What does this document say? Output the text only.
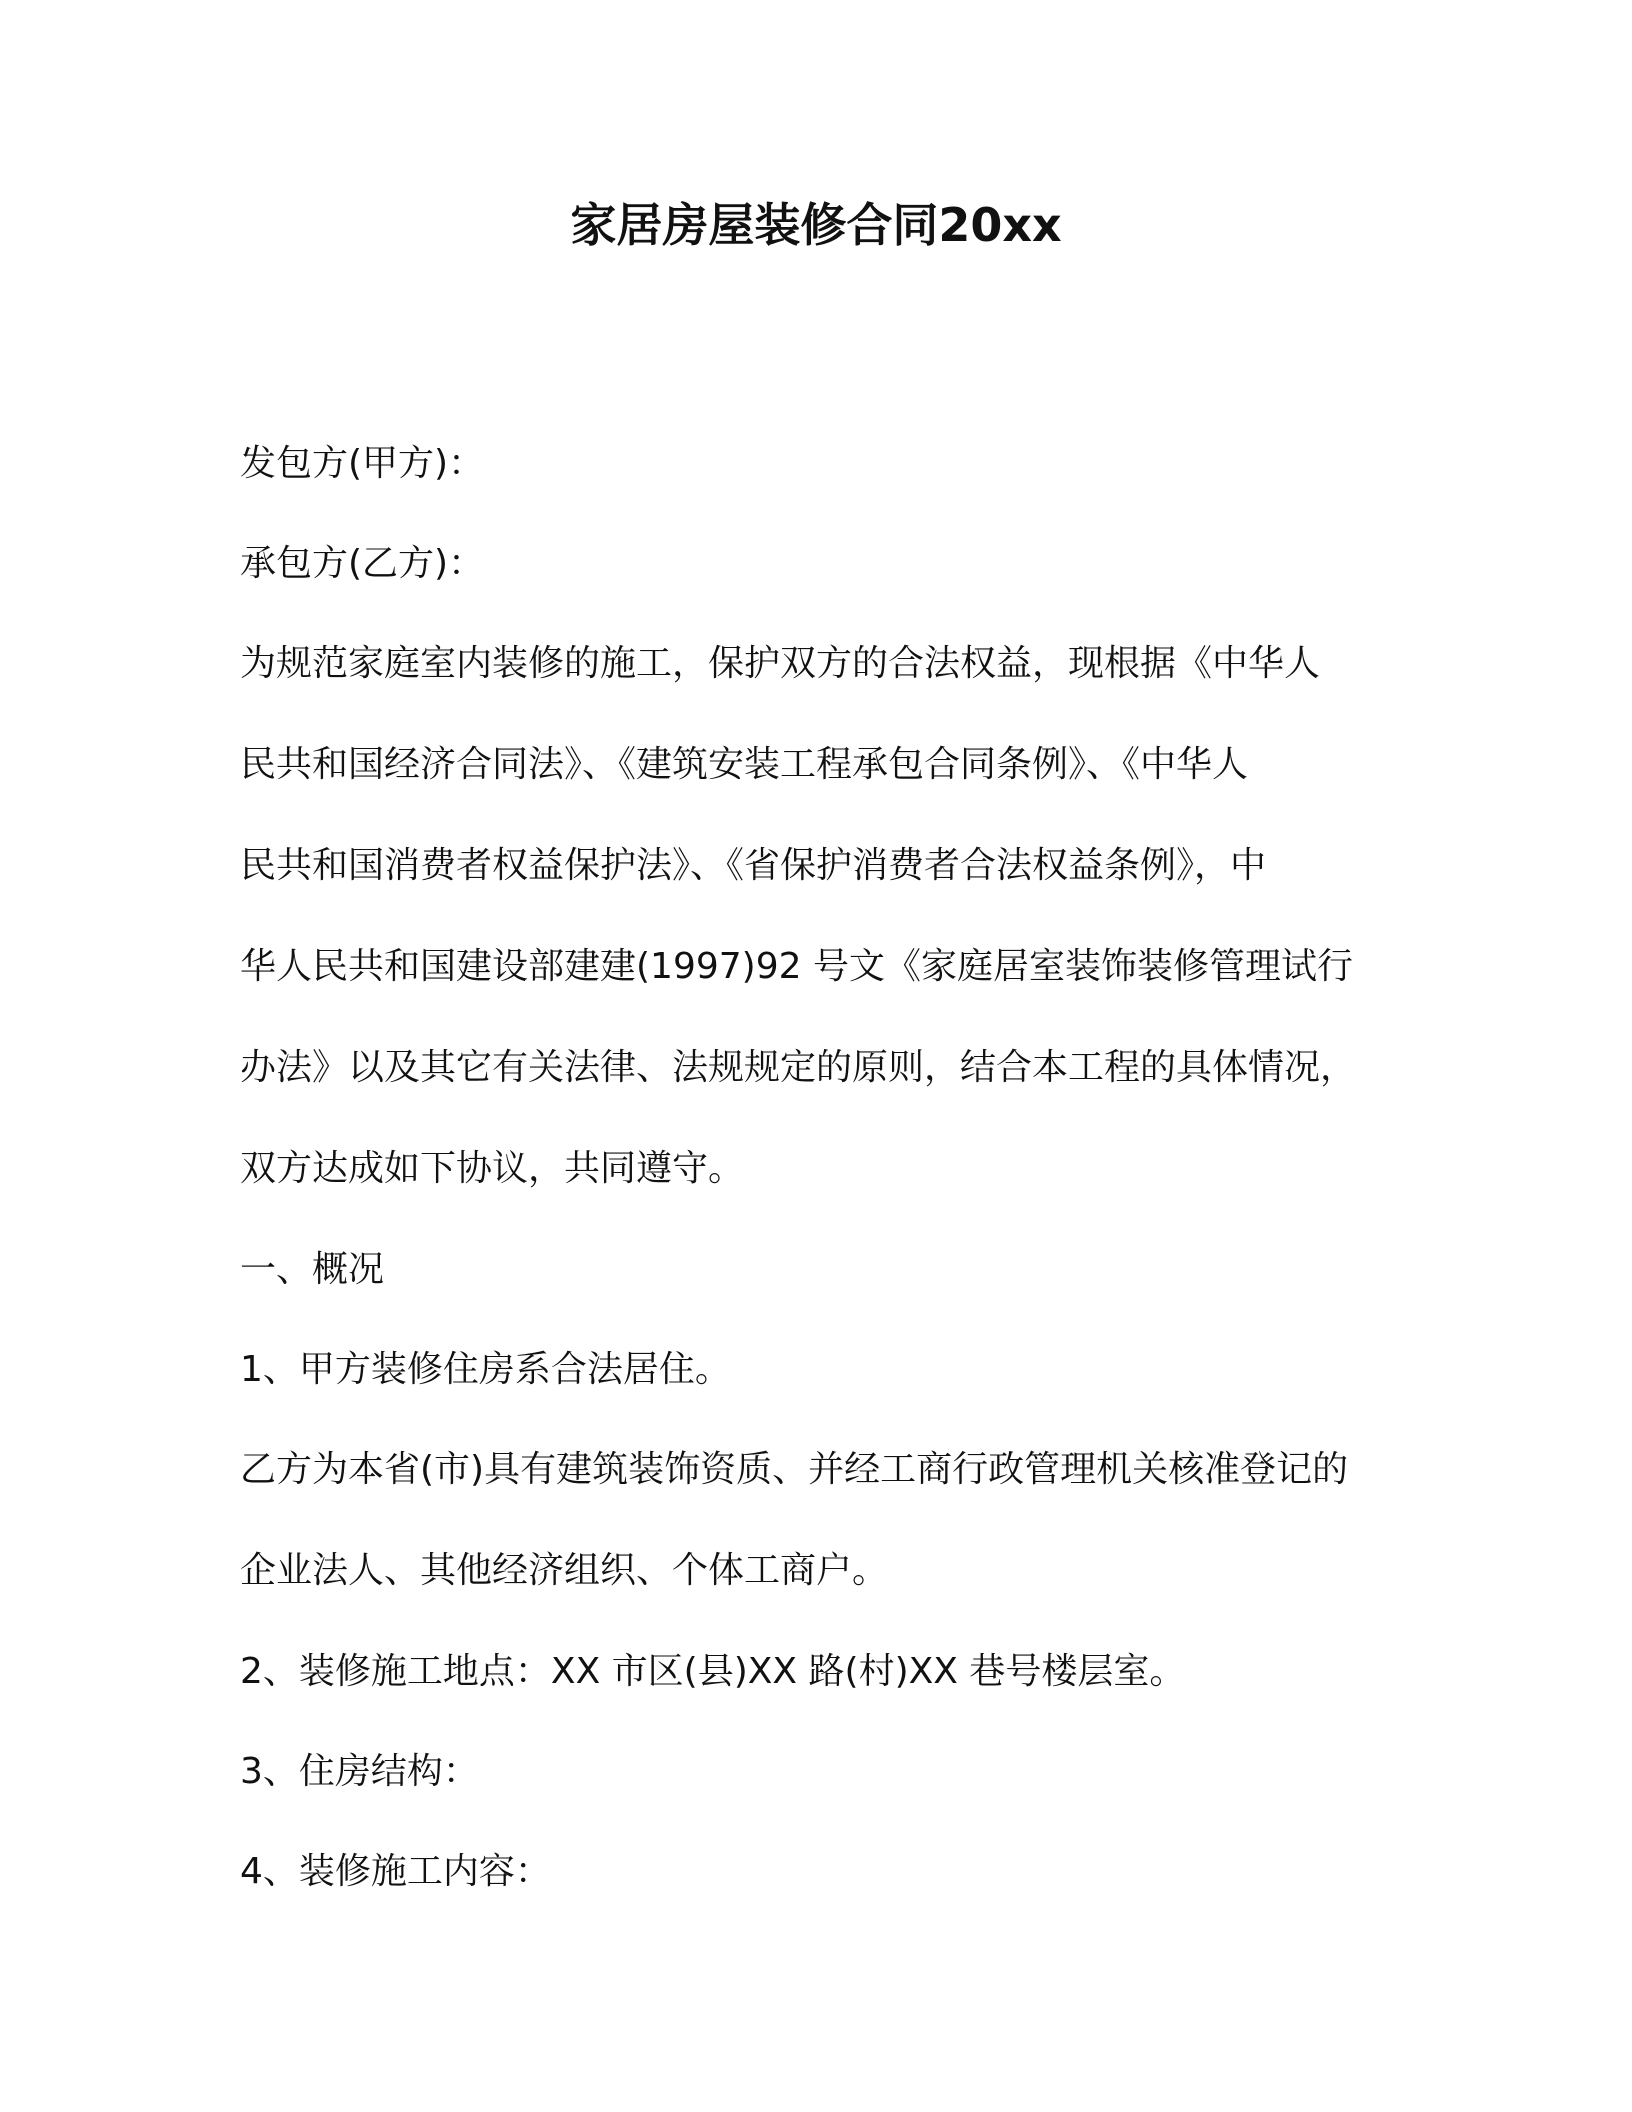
家居房屋装修合同20xx
发包方(甲方)：
承包方(乙方)：
为规范家庭室内装修的施工，保护双方的合法权益，现根据《中华人
民共和国经济合同法》、《建筑安装工程承包合同条例》、《中华人
民共和国消费者权益保护法》、《省保护消费者合法权益条例》，中
华人民共和国建设部建建(1997)92 号文《家庭居室装饰装修管理试行
办法》以及其它有关法律、法规规定的原则，结合本工程的具体情况，
双方达成如下协议，共同遵守。
一、概况
1、甲方装修住房系合法居住。
乙方为本省(市)具有建筑装饰资质、并经工商行政管理机关核准登记的
企业法人、其他经济组织、个体工商户。
2、装修施工地点：XX 市区(县)XX 路(村)XX 巷号楼层室。
3、住房结构：
4、装修施工内容：
